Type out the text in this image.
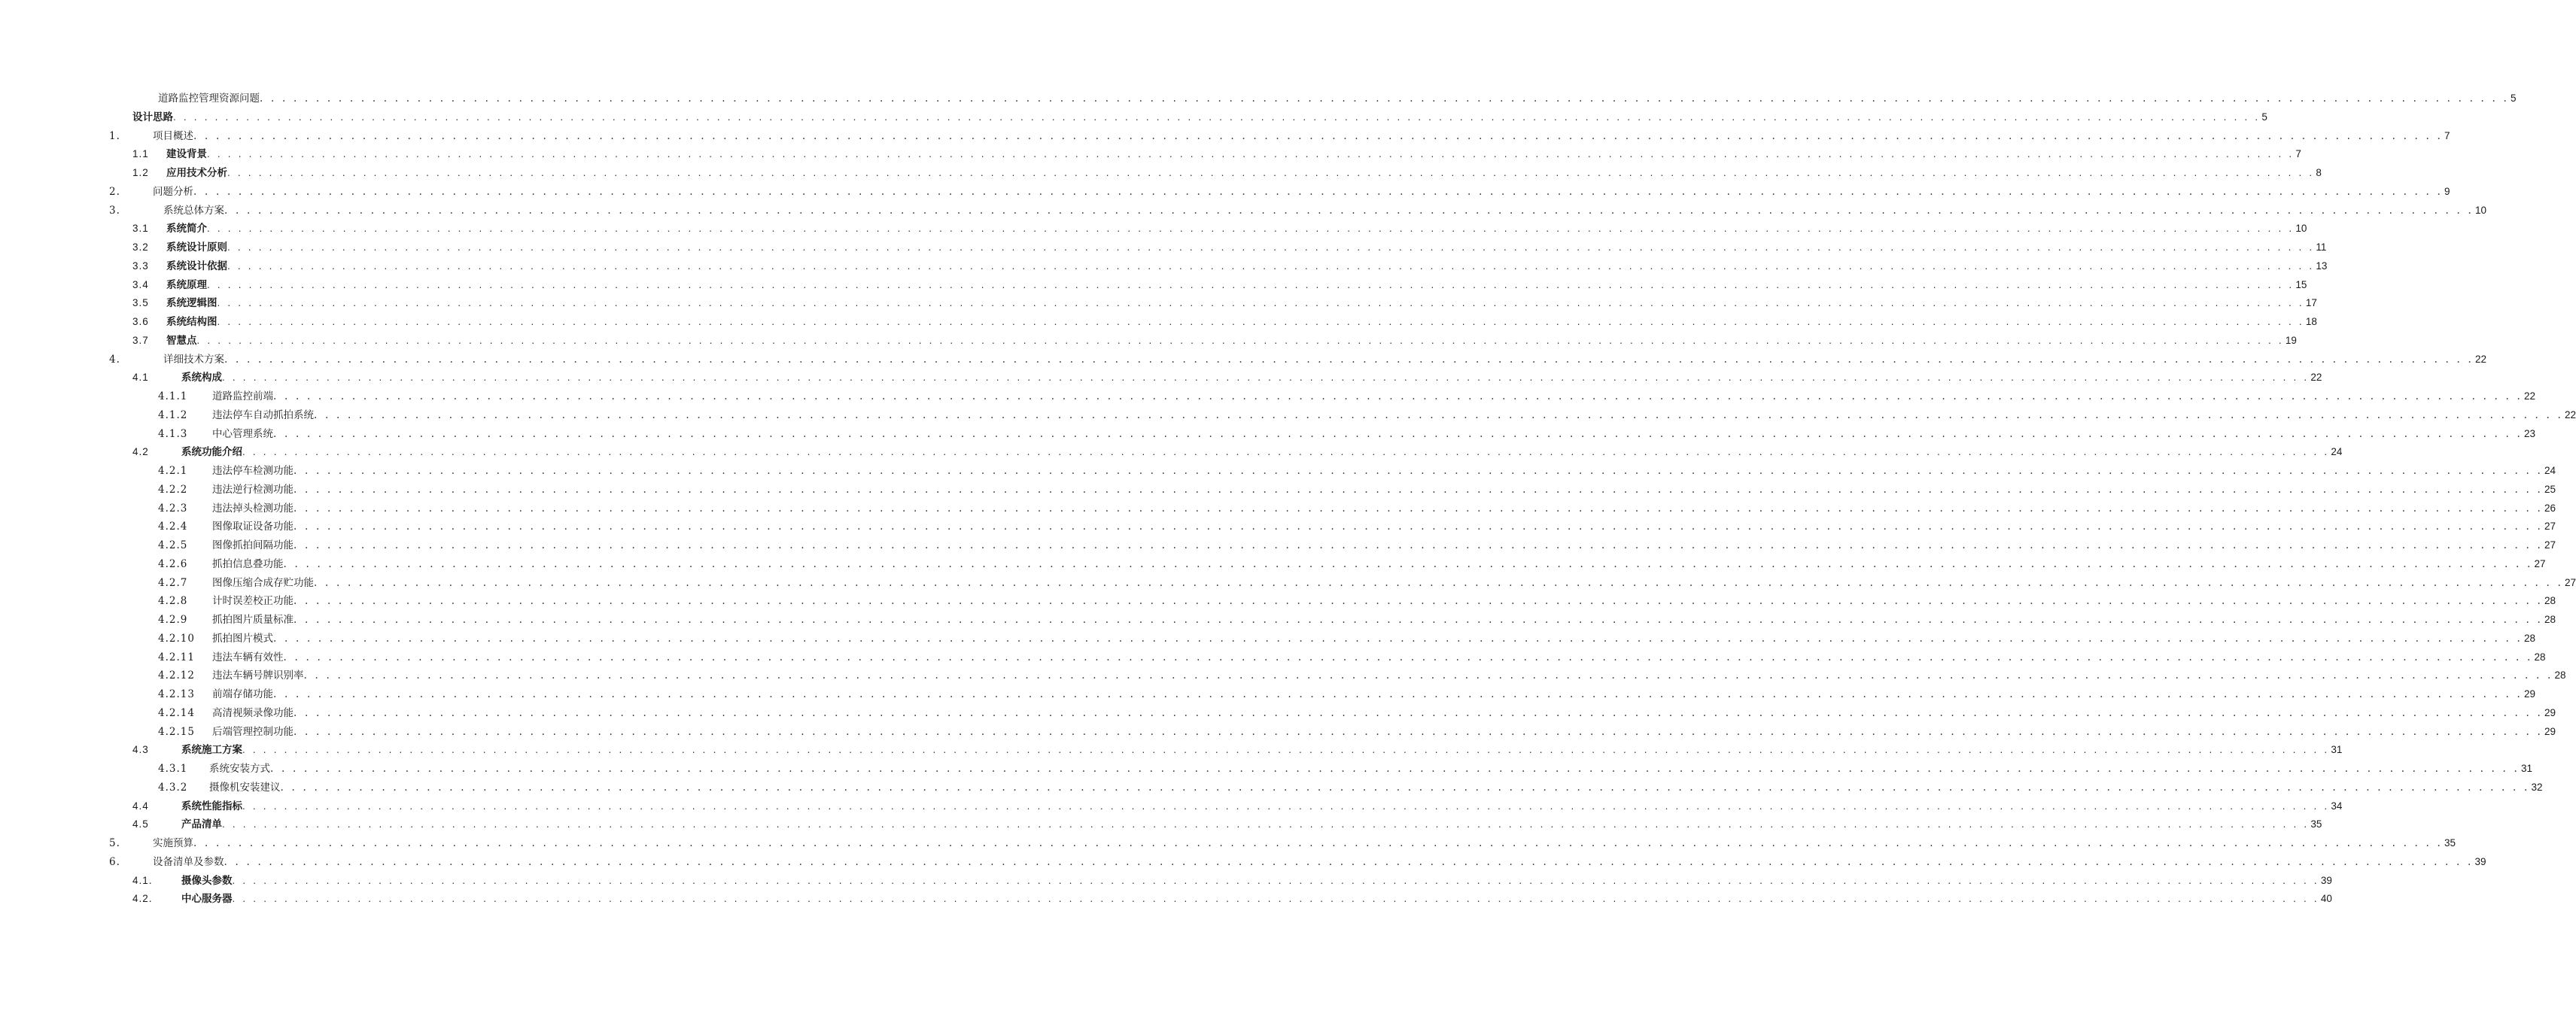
道路监控管理资源问题 . . . . . . . . . . . . . . . . . . . . . . . . . . . . . . . . . . . . . . . . . . . . . . . . . . . . . . . . . . . . . . . . . . . . . . . . . . . . . . . . . . . . . . . . . . . . . . . . . . . . . . . . . . . . . . . . . . . . . . . . . . . . . . . . . . . . . . . . . . . . . . . . . . . . . . . . . . . . . . . . . . . . . . . . . . . . . . . . . . . . . . . . . . . . . . . . . . . . . . . . 5
设计思路 . . . . . . . . . . . . . . . . . . . . . . . . . . . . . . . . . . . . . . . . . . . . . . . . . . . . . . . . . . . . . . . . . . . . . . . . . . . . . . . . . . . . . . . . . . . . . . . . . . . . . . . . . . . . . . . . . . . . . . . . . . . . . . . . . . . . . . . . . . . . . . . . . . . . . . . . . . . . . . . . . . . . . . . . . . . . . . . . . . . . . . . . . . . . . . . . . . . . . . . . 5
1.	项目概述 . . . . . . . . . . . . . . . . . . . . . . . . . . . . . . . . . . . . . . . . . . . . . . . . . . . . . . . . . . . . . . . . . . . . . . . . . . . . . . . . . . . . . . . . . . . . . . . . . . . . . . . . . . . . . . . . . . . . . . . . . . . . . . . . . . . . . . . . . . . . . . . . . . . . . . . . . . . . . . . . . . . . . . . . . . . . . . . . . . . . . . . . . . . . . . . . . . . . . . . . 7
1.1	建设背景 . . . . . . . . . . . . . . . . . . . . . . . . . . . . . . . . . . . . . . . . . . . . . . . . . . . . . . . . . . . . . . . . . . . . . . . . . . . . . . . . . . . . . . . . . . . . . . . . . . . . . . . . . . . . . . . . . . . . . . . . . . . . . . . . . . . . . . . . . . . . . . . . . . . . . . . . . . . . . . . . . . . . . . . . . . . . . . . . . . . . . . . . . . . . . . . . . . . . . . . . 7
1.2	应用技术分析 . . . . . . . . . . . . . . . . . . . . . . . . . . . . . . . . . . . . . . . . . . . . . . . . . . . . . . . . . . . . . . . . . . . . . . . . . . . . . . . . . . . . . . . . . . . . . . . . . . . . . . . . . . . . . . . . . . . . . . . . . . . . . . . . . . . . . . . . . . . . . . . . . . . . . . . . . . . . . . . . . . . . . . . . . . . . . . . . . . . . . . . . . . . . . . . . . . . . . . . . 8
2.	问题分析 . . . . . . . . . . . . . . . . . . . . . . . . . . . . . . . . . . . . . . . . . . . . . . . . . . . . . . . . . . . . . . . . . . . . . . . . . . . . . . . . . . . . . . . . . . . . . . . . . . . . . . . . . . . . . . . . . . . . . . . . . . . . . . . . . . . . . . . . . . . . . . . . . . . . . . . . . . . . . . . . . . . . . . . . . . . . . . . . . . . . . . . . . . . . . . . . . . . . . . . . 9
3.	系统总体方案 . . . . . . . . . . . . . . . . . . . . . . . . . . . . . . . . . . . . . . . . . . . . . . . . . . . . . . . . . . . . . . . . . . . . . . . . . . . . . . . . . . . . . . . . . . . . . . . . . . . . . . . . . . . . . . . . . . . . . . . . . . . . . . . . . . . . . . . . . . . . . . . . . . . . . . . . . . . . . . . . . . . . . . . . . . . . . . . . . . . . . . . . . . . . . . . . . . . . . . . . 10
3.1	系统简介 . . . . . . . . . . . . . . . . . . . . . . . . . . . . . . . . . . . . . . . . . . . . . . . . . . . . . . . . . . . . . . . . . . . . . . . . . . . . . . . . . . . . . . . . . . . . . . . . . . . . . . . . . . . . . . . . . . . . . . . . . . . . . . . . . . . . . . . . . . . . . . . . . . . . . . . . . . . . . . . . . . . . . . . . . . . . . . . . . . . . . . . . . . . . . . . . . . . . . . . . 10
3.2	系统设计原则 . . . . . . . . . . . . . . . . . . . . . . . . . . . . . . . . . . . . . . . . . . . . . . . . . . . . . . . . . . . . . . . . . . . . . . . . . . . . . . . . . . . . . . . . . . . . . . . . . . . . . . . . . . . . . . . . . . . . . . . . . . . . . . . . . . . . . . . . . . . . . . . . . . . . . . . . . . . . . . . . . . . . . . . . . . . . . . . . . . . . . . . . . . . . . . . . . . . . . . . . 11
3.3	系统设计依据 . . . . . . . . . . . . . . . . . . . . . . . . . . . . . . . . . . . . . . . . . . . . . . . . . . . . . . . . . . . . . . . . . . . . . . . . . . . . . . . . . . . . . . . . . . . . . . . . . . . . . . . . . . . . . . . . . . . . . . . . . . . . . . . . . . . . . . . . . . . . . . . . . . . . . . . . . . . . . . . . . . . . . . . . . . . . . . . . . . . . . . . . . . . . . . . . . . . . . . . . 13
3.4	系统原理 . . . . . . . . . . . . . . . . . . . . . . . . . . . . . . . . . . . . . . . . . . . . . . . . . . . . . . . . . . . . . . . . . . . . . . . . . . . . . . . . . . . . . . . . . . . . . . . . . . . . . . . . . . . . . . . . . . . . . . . . . . . . . . . . . . . . . . . . . . . . . . . . . . . . . . . . . . . . . . . . . . . . . . . . . . . . . . . . . . . . . . . . . . . . . . . . . . . . . . . . 15
3.5	系统逻辑图 . . . . . . . . . . . . . . . . . . . . . . . . . . . . . . . . . . . . . . . . . . . . . . . . . . . . . . . . . . . . . . . . . . . . . . . . . . . . . . . . . . . . . . . . . . . . . . . . . . . . . . . . . . . . . . . . . . . . . . . . . . . . . . . . . . . . . . . . . . . . . . . . . . . . . . . . . . . . . . . . . . . . . . . . . . . . . . . . . . . . . . . . . . . . . . . . . . . . . . . . 17
3.6	系统结构图 . . . . . . . . . . . . . . . . . . . . . . . . . . . . . . . . . . . . . . . . . . . . . . . . . . . . . . . . . . . . . . . . . . . . . . . . . . . . . . . . . . . . . . . . . . . . . . . . . . . . . . . . . . . . . . . . . . . . . . . . . . . . . . . . . . . . . . . . . . . . . . . . . . . . . . . . . . . . . . . . . . . . . . . . . . . . . . . . . . . . . . . . . . . . . . . . . . . . . . . . 18
3.7	智慧点 . . . . . . . . . . . . . . . . . . . . . . . . . . . . . . . . . . . . . . . . . . . . . . . . . . . . . . . . . . . . . . . . . . . . . . . . . . . . . . . . . . . . . . . . . . . . . . . . . . . . . . . . . . . . . . . . . . . . . . . . . . . . . . . . . . . . . . . . . . . . . . . . . . . . . . . . . . . . . . . . . . . . . . . . . . . . . . . . . . . . . . . . . . . . . . . . . . . . . . . . 19
4.	详细技术方案 . . . . . . . . . . . . . . . . . . . . . . . . . . . . . . . . . . . . . . . . . . . . . . . . . . . . . . . . . . . . . . . . . . . . . . . . . . . . . . . . . . . . . . . . . . . . . . . . . . . . . . . . . . . . . . . . . . . . . . . . . . . . . . . . . . . . . . . . . . . . . . . . . . . . . . . . . . . . . . . . . . . . . . . . . . . . . . . . . . . . . . . . . . . . . . . . . . . . . . . . 22
4.1	系统构成 . . . . . . . . . . . . . . . . . . . . . . . . . . . . . . . . . . . . . . . . . . . . . . . . . . . . . . . . . . . . . . . . . . . . . . . . . . . . . . . . . . . . . . . . . . . . . . . . . . . . . . . . . . . . . . . . . . . . . . . . . . . . . . . . . . . . . . . . . . . . . . . . . . . . . . . . . . . . . . . . . . . . . . . . . . . . . . . . . . . . . . . . . . . . . . . . . . . . . . . . 22
4.1.1	道路监控前端 . . . . . . . . . . . . . . . . . . . . . . . . . . . . . . . . . . . . . . . . . . . . . . . . . . . . . . . . . . . . . . . . . . . . . . . . . . . . . . . . . . . . . . . . . . . . . . . . . . . . . . . . . . . . . . . . . . . . . . . . . . . . . . . . . . . . . . . . . . . . . . . . . . . . . . . . . . . . . . . . . . . . . . . . . . . . . . . . . . . . . . . . . . . . . . . . . . . . . . . . 22
4.1.2	违法停车自动抓拍系统 . . . . . . . . . . . . . . . . . . . . . . . . . . . . . . . . . . . . . . . . . . . . . . . . . . . . . . . . . . . . . . . . . . . . . . . . . . . . . . . . . . . . . . . . . . . . . . . . . . . . . . . . . . . . . . . . . . . . . . . . . . . . . . . . . . . . . . . . . . . . . . . . . . . . . . . . . . . . . . . . . . . . . . . . . . . . . . . . . . . . . . . . . . . . . . . . . . . . . . . . 22
4.1.3	中心管理系统 . . . . . . . . . . . . . . . . . . . . . . . . . . . . . . . . . . . . . . . . . . . . . . . . . . . . . . . . . . . . . . . . . . . . . . . . . . . . . . . . . . . . . . . . . . . . . . . . . . . . . . . . . . . . . . . . . . . . . . . . . . . . . . . . . . . . . . . . . . . . . . . . . . . . . . . . . . . . . . . . . . . . . . . . . . . . . . . . . . . . . . . . . . . . . . . . . . . . . . . . 23
4.2	系统功能介绍 . . . . . . . . . . . . . . . . . . . . . . . . . . . . . . . . . . . . . . . . . . . . . . . . . . . . . . . . . . . . . . . . . . . . . . . . . . . . . . . . . . . . . . . . . . . . . . . . . . . . . . . . . . . . . . . . . . . . . . . . . . . . . . . . . . . . . . . . . . . . . . . . . . . . . . . . . . . . . . . . . . . . . . . . . . . . . . . . . . . . . . . . . . . . . . . . . . . . . . . . 24
4.2.1	违法停车检测功能 . . . . . . . . . . . . . . . . . . . . . . . . . . . . . . . . . . . . . . . . . . . . . . . . . . . . . . . . . . . . . . . . . . . . . . . . . . . . . . . . . . . . . . . . . . . . . . . . . . . . . . . . . . . . . . . . . . . . . . . . . . . . . . . . . . . . . . . . . . . . . . . . . . . . . . . . . . . . . . . . . . . . . . . . . . . . . . . . . . . . . . . . . . . . . . . . . . . . . . . . 24
4.2.2	违法逆行检测功能 . . . . . . . . . . . . . . . . . . . . . . . . . . . . . . . . . . . . . . . . . . . . . . . . . . . . . . . . . . . . . . . . . . . . . . . . . . . . . . . . . . . . . . . . . . . . . . . . . . . . . . . . . . . . . . . . . . . . . . . . . . . . . . . . . . . . . . . . . . . . . . . . . . . . . . . . . . . . . . . . . . . . . . . . . . . . . . . . . . . . . . . . . . . . . . . . . . . . . . . . 25
4.2.3	违法掉头检测功能 . . . . . . . . . . . . . . . . . . . . . . . . . . . . . . . . . . . . . . . . . . . . . . . . . . . . . . . . . . . . . . . . . . . . . . . . . . . . . . . . . . . . . . . . . . . . . . . . . . . . . . . . . . . . . . . . . . . . . . . . . . . . . . . . . . . . . . . . . . . . . . . . . . . . . . . . . . . . . . . . . . . . . . . . . . . . . . . . . . . . . . . . . . . . . . . . . . . . . . . . 26
4.2.4	图像取证设备功能 . . . . . . . . . . . . . . . . . . . . . . . . . . . . . . . . . . . . . . . . . . . . . . . . . . . . . . . . . . . . . . . . . . . . . . . . . . . . . . . . . . . . . . . . . . . . . . . . . . . . . . . . . . . . . . . . . . . . . . . . . . . . . . . . . . . . . . . . . . . . . . . . . . . . . . . . . . . . . . . . . . . . . . . . . . . . . . . . . . . . . . . . . . . . . . . . . . . . . . . . 27
4.2.5	图像抓拍间隔功能 . . . . . . . . . . . . . . . . . . . . . . . . . . . . . . . . . . . . . . . . . . . . . . . . . . . . . . . . . . . . . . . . . . . . . . . . . . . . . . . . . . . . . . . . . . . . . . . . . . . . . . . . . . . . . . . . . . . . . . . . . . . . . . . . . . . . . . . . . . . . . . . . . . . . . . . . . . . . . . . . . . . . . . . . . . . . . . . . . . . . . . . . . . . . . . . . . . . . . . . . 27
4.2.6	抓拍信息叠功能 . . . . . . . . . . . . . . . . . . . . . . . . . . . . . . . . . . . . . . . . . . . . . . . . . . . . . . . . . . . . . . . . . . . . . . . . . . . . . . . . . . . . . . . . . . . . . . . . . . . . . . . . . . . . . . . . . . . . . . . . . . . . . . . . . . . . . . . . . . . . . . . . . . . . . . . . . . . . . . . . . . . . . . . . . . . . . . . . . . . . . . . . . . . . . . . . . . . . . . . . 27
4.2.7	图像压缩合成存贮功能 . . . . . . . . . . . . . . . . . . . . . . . . . . . . . . . . . . . . . . . . . . . . . . . . . . . . . . . . . . . . . . . . . . . . . . . . . . . . . . . . . . . . . . . . . . . . . . . . . . . . . . . . . . . . . . . . . . . . . . . . . . . . . . . . . . . . . . . . . . . . . . . . . . . . . . . . . . . . . . . . . . . . . . . . . . . . . . . . . . . . . . . . . . . . . . . . . . . . . . . . 27
4.2.8	计时误差校正功能 . . . . . . . . . . . . . . . . . . . . . . . . . . . . . . . . . . . . . . . . . . . . . . . . . . . . . . . . . . . . . . . . . . . . . . . . . . . . . . . . . . . . . . . . . . . . . . . . . . . . . . . . . . . . . . . . . . . . . . . . . . . . . . . . . . . . . . . . . . . . . . . . . . . . . . . . . . . . . . . . . . . . . . . . . . . . . . . . . . . . . . . . . . . . . . . . . . . . . . . . 28
4.2.9	抓拍图片质量标准 . . . . . . . . . . . . . . . . . . . . . . . . . . . . . . . . . . . . . . . . . . . . . . . . . . . . . . . . . . . . . . . . . . . . . . . . . . . . . . . . . . . . . . . . . . . . . . . . . . . . . . . . . . . . . . . . . . . . . . . . . . . . . . . . . . . . . . . . . . . . . . . . . . . . . . . . . . . . . . . . . . . . . . . . . . . . . . . . . . . . . . . . . . . . . . . . . . . . . . . . 28
4.2.10	抓拍图片模式 . . . . . . . . . . . . . . . . . . . . . . . . . . . . . . . . . . . . . . . . . . . . . . . . . . . . . . . . . . . . . . . . . . . . . . . . . . . . . . . . . . . . . . . . . . . . . . . . . . . . . . . . . . . . . . . . . . . . . . . . . . . . . . . . . . . . . . . . . . . . . . . . . . . . . . . . . . . . . . . . . . . . . . . . . . . . . . . . . . . . . . . . . . . . . . . . . . . . . . . . 28
4.2.11	违法车辆有效性 . . . . . . . . . . . . . . . . . . . . . . . . . . . . . . . . . . . . . . . . . . . . . . . . . . . . . . . . . . . . . . . . . . . . . . . . . . . . . . . . . . . . . . . . . . . . . . . . . . . . . . . . . . . . . . . . . . . . . . . . . . . . . . . . . . . . . . . . . . . . . . . . . . . . . . . . . . . . . . . . . . . . . . . . . . . . . . . . . . . . . . . . . . . . . . . . . . . . . . . . 28
4.2.12	违法车辆号牌识别率 . . . . . . . . . . . . . . . . . . . . . . . . . . . . . . . . . . . . . . . . . . . . . . . . . . . . . . . . . . . . . . . . . . . . . . . . . . . . . . . . . . . . . . . . . . . . . . . . . . . . . . . . . . . . . . . . . . . . . . . . . . . . . . . . . . . . . . . . . . . . . . . . . . . . . . . . . . . . . . . . . . . . . . . . . . . . . . . . . . . . . . . . . . . . . . . . . . . . . . . . 28
4.2.13	前端存储功能 . . . . . . . . . . . . . . . . . . . . . . . . . . . . . . . . . . . . . . . . . . . . . . . . . . . . . . . . . . . . . . . . . . . . . . . . . . . . . . . . . . . . . . . . . . . . . . . . . . . . . . . . . . . . . . . . . . . . . . . . . . . . . . . . . . . . . . . . . . . . . . . . . . . . . . . . . . . . . . . . . . . . . . . . . . . . . . . . . . . . . . . . . . . . . . . . . . . . . . . . 29
4.2.14	高清视频录像功能 . . . . . . . . . . . . . . . . . . . . . . . . . . . . . . . . . . . . . . . . . . . . . . . . . . . . . . . . . . . . . . . . . . . . . . . . . . . . . . . . . . . . . . . . . . . . . . . . . . . . . . . . . . . . . . . . . . . . . . . . . . . . . . . . . . . . . . . . . . . . . . . . . . . . . . . . . . . . . . . . . . . . . . . . . . . . . . . . . . . . . . . . . . . . . . . . . . . . . . . . 29
4.2.15	后端管理控制功能 . . . . . . . . . . . . . . . . . . . . . . . . . . . . . . . . . . . . . . . . . . . . . . . . . . . . . . . . . . . . . . . . . . . . . . . . . . . . . . . . . . . . . . . . . . . . . . . . . . . . . . . . . . . . . . . . . . . . . . . . . . . . . . . . . . . . . . . . . . . . . . . . . . . . . . . . . . . . . . . . . . . . . . . . . . . . . . . . . . . . . . . . . . . . . . . . . . . . . . . . 29
4.3	系统施工方案 . . . . . . . . . . . . . . . . . . . . . . . . . . . . . . . . . . . . . . . . . . . . . . . . . . . . . . . . . . . . . . . . . . . . . . . . . . . . . . . . . . . . . . . . . . . . . . . . . . . . . . . . . . . . . . . . . . . . . . . . . . . . . . . . . . . . . . . . . . . . . . . . . . . . . . . . . . . . . . . . . . . . . . . . . . . . . . . . . . . . . . . . . . . . . . . . . . . . . . . . 31
4.3.1	系统安装方式 . . . . . . . . . . . . . . . . . . . . . . . . . . . . . . . . . . . . . . . . . . . . . . . . . . . . . . . . . . . . . . . . . . . . . . . . . . . . . . . . . . . . . . . . . . . . . . . . . . . . . . . . . . . . . . . . . . . . . . . . . . . . . . . . . . . . . . . . . . . . . . . . . . . . . . . . . . . . . . . . . . . . . . . . . . . . . . . . . . . . . . . . . . . . . . . . . . . . . . . . 31
4.3.2	摄像机安装建议 . . . . . . . . . . . . . . . . . . . . . . . . . . . . . . . . . . . . . . . . . . . . . . . . . . . . . . . . . . . . . . . . . . . . . . . . . . . . . . . . . . . . . . . . . . . . . . . . . . . . . . . . . . . . . . . . . . . . . . . . . . . . . . . . . . . . . . . . . . . . . . . . . . . . . . . . . . . . . . . . . . . . . . . . . . . . . . . . . . . . . . . . . . . . . . . . . . . . . . . . 32
4.4	系统性能指标 . . . . . . . . . . . . . . . . . . . . . . . . . . . . . . . . . . . . . . . . . . . . . . . . . . . . . . . . . . . . . . . . . . . . . . . . . . . . . . . . . . . . . . . . . . . . . . . . . . . . . . . . . . . . . . . . . . . . . . . . . . . . . . . . . . . . . . . . . . . . . . . . . . . . . . . . . . . . . . . . . . . . . . . . . . . . . . . . . . . . . . . . . . . . . . . . . . . . . . . . 34
4.5	产品清单 . . . . . . . . . . . . . . . . . . . . . . . . . . . . . . . . . . . . . . . . . . . . . . . . . . . . . . . . . . . . . . . . . . . . . . . . . . . . . . . . . . . . . . . . . . . . . . . . . . . . . . . . . . . . . . . . . . . . . . . . . . . . . . . . . . . . . . . . . . . . . . . . . . . . . . . . . . . . . . . . . . . . . . . . . . . . . . . . . . . . . . . . . . . . . . . . . . . . . . . . 35
5.	实施预算 . . . . . . . . . . . . . . . . . . . . . . . . . . . . . . . . . . . . . . . . . . . . . . . . . . . . . . . . . . . . . . . . . . . . . . . . . . . . . . . . . . . . . . . . . . . . . . . . . . . . . . . . . . . . . . . . . . . . . . . . . . . . . . . . . . . . . . . . . . . . . . . . . . . . . . . . . . . . . . . . . . . . . . . . . . . . . . . . . . . . . . . . . . . . . . . . . . . . . . . . 35
6.	设备清单及参数 . . . . . . . . . . . . . . . . . . . . . . . . . . . . . . . . . . . . . . . . . . . . . . . . . . . . . . . . . . . . . . . . . . . . . . . . . . . . . . . . . . . . . . . . . . . . . . . . . . . . . . . . . . . . . . . . . . . . . . . . . . . . . . . . . . . . . . . . . . . . . . . . . . . . . . . . . . . . . . . . . . . . . . . . . . . . . . . . . . . . . . . . . . . . . . . . . . . . . . . . 39
4.1.	摄像头参数 . . . . . . . . . . . . . . . . . . . . . . . . . . . . . . . . . . . . . . . . . . . . . . . . . . . . . . . . . . . . . . . . . . . . . . . . . . . . . . . . . . . . . . . . . . . . . . . . . . . . . . . . . . . . . . . . . . . . . . . . . . . . . . . . . . . . . . . . . . . . . . . . . . . . . . . . . . . . . . . . . . . . . . . . . . . . . . . . . . . . . . . . . . . . . . . . . . . . . . . . 39
4.2.	中心服务器 . . . . . . . . . . . . . . . . . . . . . . . . . . . . . . . . . . . . . . . . . . . . . . . . . . . . . . . . . . . . . . . . . . . . . . . . . . . . . . . . . . . . . . . . . . . . . . . . . . . . . . . . . . . . . . . . . . . . . . . . . . . . . . . . . . . . . . . . . . . . . . . . . . . . . . . . . . . . . . . . . . . . . . . . . . . . . . . . . . . . . . . . . . . . . . . . . . . . . . . . 40
